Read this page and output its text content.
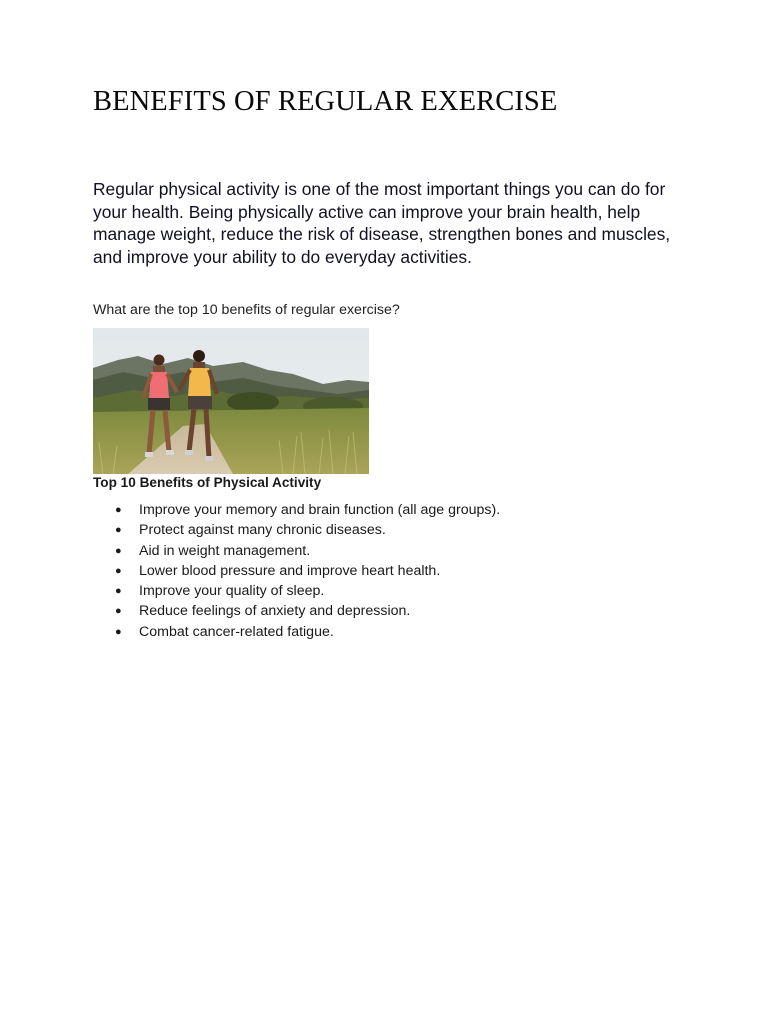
BENEFITS OF REGULAR EXERCISE

Regular physical activity is one of the most important things you can do for your health. Being physically active can improve your brain health, help manage weight, reduce the risk of disease, strengthen bones and muscles, and improve your ability to do everyday activities.

What are the top 10 benefits of regular exercise?

Top 10 Benefits of Physical Activity

● Improve your memory and brain function (all age groups).
● Protect against many chronic diseases.
● Aid in weight management.
● Lower blood pressure and improve heart health.
● Improve your quality of sleep.
● Reduce feelings of anxiety and depression.
● Combat cancer-related fatigue.
